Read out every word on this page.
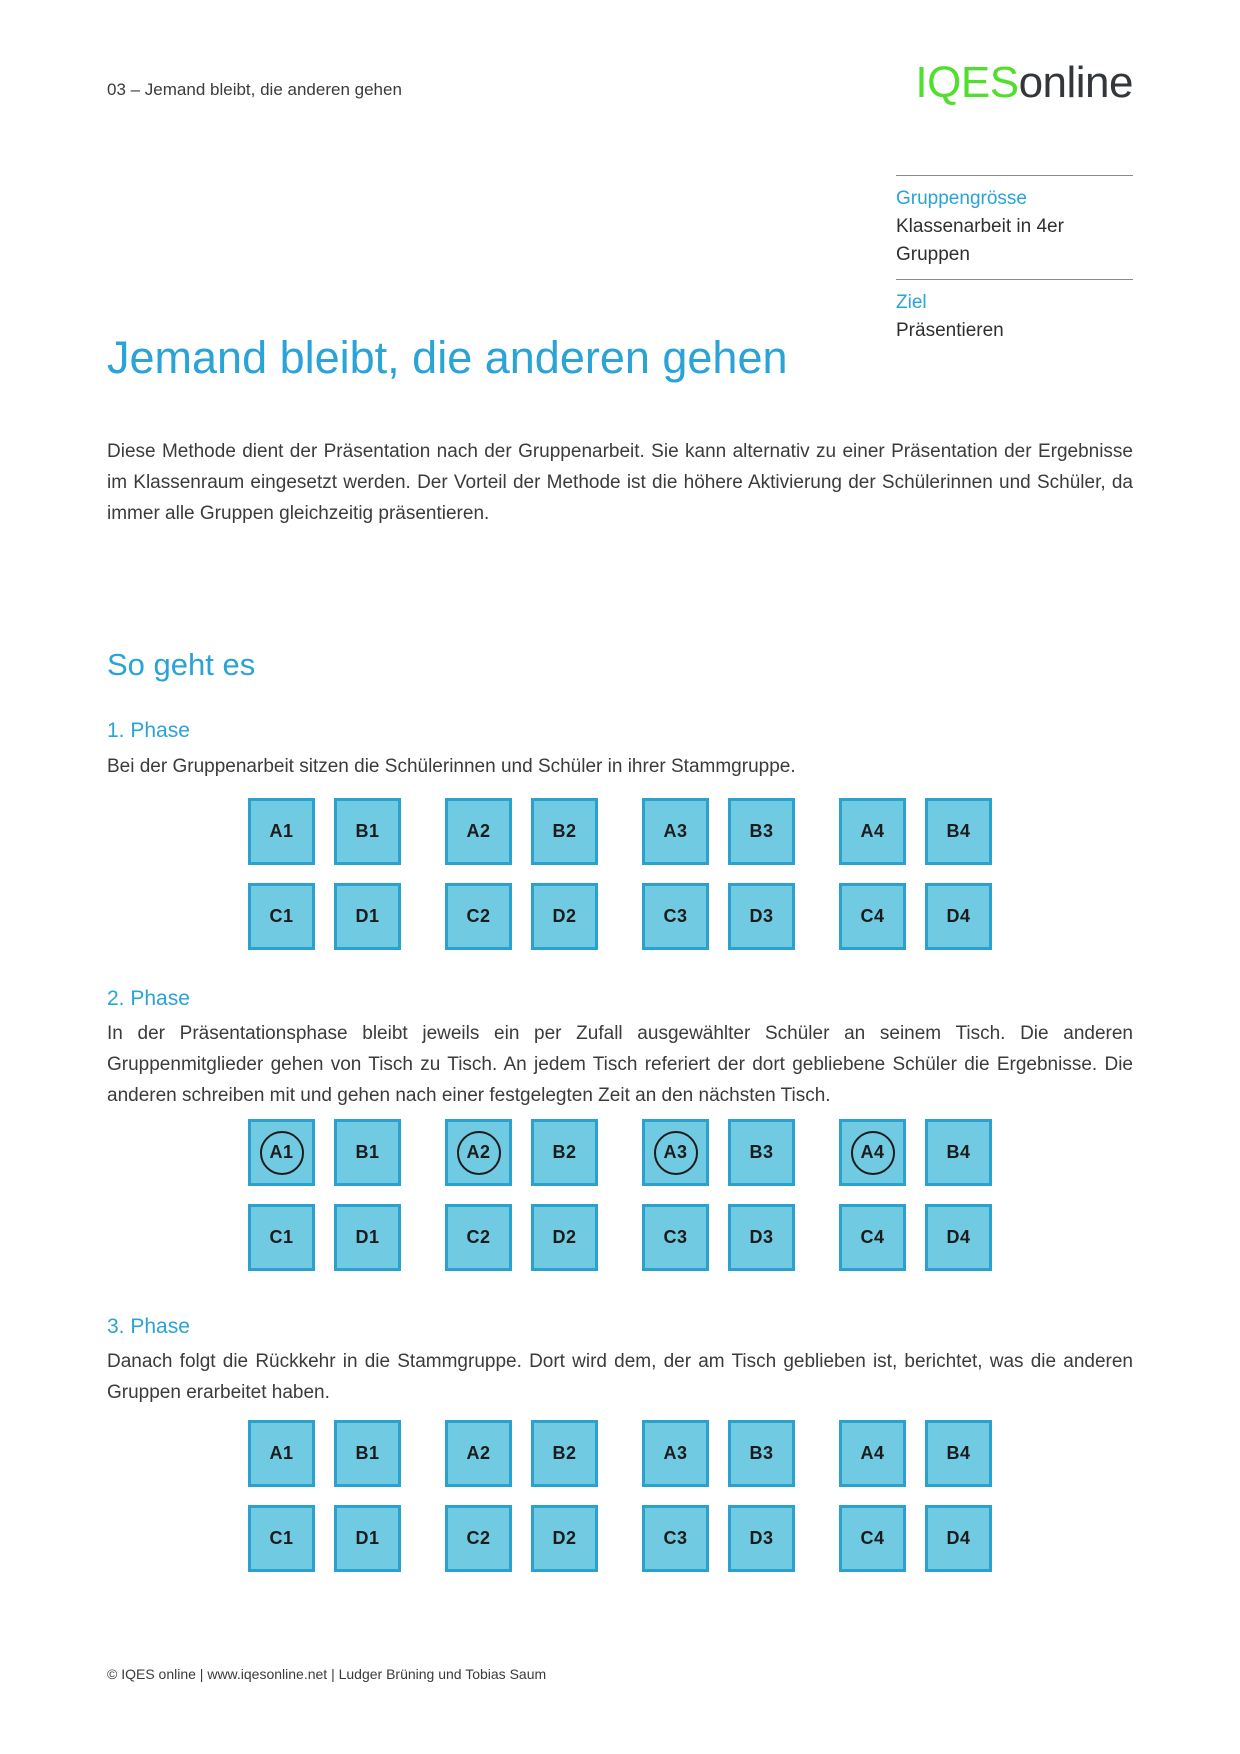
03 – Jemand bleibt, die anderen gehen	IQESonline
Gruppengrösse
Klassenarbeit in 4er Gruppen
Ziel
Präsentieren
Jemand bleibt, die anderen gehen

Diese Methode dient der Präsentation nach der Gruppenarbeit. Sie kann alternativ zu einer Präsentation der Ergebnisse im Klassenraum eingesetzt werden. Der Vorteil der Methode ist die höhere Aktivierung der Schülerinnen und Schüler, da immer alle Gruppen gleichzeitig präsentieren.

So geht es
1. Phase

Bei der Gruppenarbeit sitzen die Schülerinnen und Schüler in ihrer Stammgruppe.

A1	B1
C1	D1
A2	B2
C2	D2
A3	B3
C3	D3
A4	B4
C4	D4
2. Phase

In der Präsentationsphase bleibt jeweils ein per Zufall ausgewählter Schüler an seinem Tisch. Die anderen Gruppenmitglieder gehen von Tisch zu Tisch. An jedem Tisch referiert der dort gebliebene Schüler die Ergebnisse. Die anderen schreiben mit und gehen nach einer festgelegten Zeit an den nächsten Tisch.

A1	B1
C1	D1
A2	B2
C2	D2
A3	B3
C3	D3
A4	B4
C4	D4
3. Phase

Danach folgt die Rückkehr in die Stammgruppe. Dort wird dem, der am Tisch geblieben ist, berichtet, was die anderen Gruppen erarbeitet haben.

A1	B1
C1	D1
A2	B2
C2	D2
A3	B3
C3	D3
A4	B4
C4	D4
© IQES online | www.iqesonline.net | Ludger Brüning und Tobias Saum
